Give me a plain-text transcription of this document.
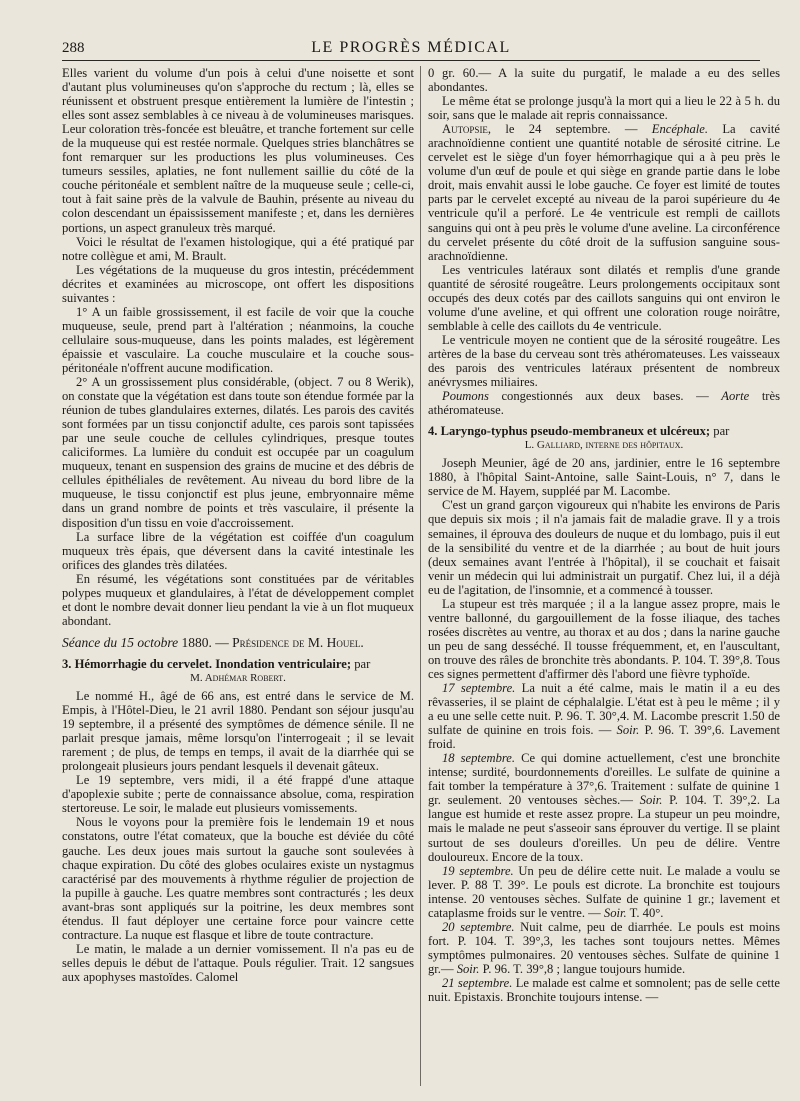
288	LE PROGRÈS MÉDICAL

Elles varient du volume d'un pois à celui d'une noisette et sont d'autant plus volumineuses qu'on s'approche du rectum ; là, elles se réunissent et obstruent presque entièrement la lumière de l'intestin ; elles sont assez semblables à ce niveau à de volumineuses marisques. Leur coloration très-foncée est bleuâtre, et tranche fortement sur celle de la muqueuse qui est restée normale. Quelques stries blanchâtres se font remarquer sur les productions les plus volumineuses. Ces tumeurs sessiles, aplaties, ne font nullement saillie du côté de la couche péritonéale et semblent naître de la muqueuse seule ; celle-ci, tout à fait saine près de la valvule de Bauhin, présente au niveau du colon descendant un épaississement manifeste ; et, dans les dernières portions, un aspect granuleux très marqué.

Voici le résultat de l'examen histologique, qui a été pratiqué par notre collègue et ami, M. Brault.

Les végétations de la muqueuse du gros intestin, précédemment décrites et examinées au microscope, ont offert les dispositions suivantes :

1° A un faible grossissement, il est facile de voir que la couche muqueuse, seule, prend part à l'altération ; néanmoins, la couche cellulaire sous-muqueuse, dans les points malades, est légèrement épaissie et vasculaire. La couche musculaire et la couche sous-péritonéale n'offrent aucune modification.

2° A un grossissement plus considérable, (object. 7 ou 8 Werik), on constate que la végétation est dans toute son étendue formée par la réunion de tubes glandulaires externes, dilatés. Les parois des cavités sont formées par un tissu conjonctif adulte, ces parois sont tapissées par une seule couche de cellules cylindriques, presque toutes caliciformes. La lumière du conduit est occupée par un coagulum muqueux, tenant en suspension des grains de mucine et des débris de cellules épithéliales de revêtement. Au niveau du bord libre de la muqueuse, le tissu conjonctif est plus jeune, embryonnaire même dans un grand nombre de points et très vasculaire, il présente la disposition d'un tissu en voie d'accroissement.

La surface libre de la végétation est coiffée d'un coagulum muqueux très épais, que déversent dans la cavité intestinale les orifices des glandes très dilatées.

En résumé, les végétations sont constituées par de véritables polypes muqueux et glandulaires, à l'état de développement complet et dont le nombre devait donner lieu pendant la vie à un flot muqueux abondant.

Séance du 15 octobre 1880. — Présidence de M. Houel.

3. Hémorrhagie du cervelet. Inondation ventriculaire; par
M. Adhémar Robert.

Le nommé H., âgé de 66 ans, est entré dans le service de M. Empis, à l'Hôtel-Dieu, le 21 avril 1880. Pendant son séjour jusqu'au 19 septembre, il a présenté des symptômes de démence sénile. Il ne parlait presque jamais, même lorsqu'on l'interrogeait ; il se levait rarement ; de plus, de temps en temps, il avait de la diarrhée qui se prolongeait plusieurs jours pendant lesquels il devenait gâteux.

Le 19 septembre, vers midi, il a été frappé d'une attaque d'apoplexie subite ; perte de connaissance absolue, coma, respiration stertoreuse. Le soir, le malade eut plusieurs vomissements.

Nous le voyons pour la première fois le lendemain 19 et nous constatons, outre l'état comateux, que la bouche est déviée du côté gauche. Les deux joues mais surtout la gauche sont soulevées à chaque expiration. Du côté des globes oculaires existe un nystagmus caractérisé par des mouvements à rhythme régulier de projection de la pupille à gauche. Les quatre membres sont contracturés ; les deux avant-bras sont appliqués sur la poitrine, les deux membres sont étendus. Il faut déployer une certaine force pour vaincre cette contracture. La nuque est flasque et libre de toute contracture.

Le matin, le malade a un dernier vomissement. Il n'a pas eu de selles depuis le début de l'attaque. Pouls régulier. Trait. 12 sangsues aux apophyses mastoïdes. Calomel

0 gr. 60.— A la suite du purgatif, le malade a eu des selles abondantes.

Le même état se prolonge jusqu'à la mort qui a lieu le 22 à 5 h. du soir, sans que le malade ait repris connaissance.

Autopsie, le 24 septembre. — Encéphale. La cavité arachnoïdienne contient une quantité notable de sérosité citrine. Le cervelet est le siège d'un foyer hémorrhagique qui a à peu près le volume d'un œuf de poule et qui siège en grande partie dans le lobe droit, mais envahit aussi le lobe gauche. Ce foyer est limité de toutes parts par le cervelet excepté au niveau de la paroi supérieure du 4e ventricule qu'il a perforé. Le 4e ventricule est rempli de caillots sanguins qui ont à peu près le volume d'une aveline. La circonférence du cervelet présente du côté droit de la suffusion sanguine sous-arachnoïdienne.

Les ventricules latéraux sont dilatés et remplis d'une grande quantité de sérosité rougeâtre. Leurs prolongements occipitaux sont occupés des deux cotés par des caillots sanguins qui ont environ le volume d'une aveline, et qui offrent une coloration rouge noirâtre, semblable à celle des caillots du 4e ventricule.

Le ventricule moyen ne contient que de la sérosité rougeâtre. Les artères de la base du cerveau sont très athéromateuses. Les vaisseaux des parois des ventricules latéraux présentent de nombreux anévrysmes miliaires.

Poumons congestionnés aux deux bases. — Aorte très athéromateuse.

4. Laryngo-typhus pseudo-membraneux et ulcéreux; par
L. Galliard, interne des hôpitaux.

Joseph Meunier, âgé de 20 ans, jardinier, entre le 16 septembre 1880, à l'hôpital Saint-Antoine, salle Saint-Louis, n° 7, dans le service de M. Hayem, suppléé par M. Lacombe.

C'est un grand garçon vigoureux qui n'habite les environs de Paris que depuis six mois ; il n'a jamais fait de maladie grave. Il y a trois semaines, il éprouva des douleurs de nuque et du lombago, puis il eut de la sensibilité du ventre et de la diarrhée ; au bout de huit jours (deux semaines avant l'entrée à l'hôpital), il se couchait et faisait venir un médecin qui lui administrait un purgatif. Chez lui, il a déjà eu de l'agitation, de l'insomnie, et a commencé à tousser.

La stupeur est très marquée ; il a la langue assez propre, mais le ventre ballonné, du gargouillement de la fosse iliaque, des taches rosées discrètes au ventre, au thorax et au dos ; dans la narine gauche un peu de sang desséché. Il tousse fréquemment, et, en l'auscultant, on trouve des râles de bronchite très abondants. P. 104. T. 39°,8. Tous ces signes permettent d'affirmer dès l'abord une fièvre typhoïde.

17 septembre. La nuit a été calme, mais le matin il a eu des rêvasseries, il se plaint de céphalalgie. L'état est à peu le même ; il y a eu une selle cette nuit. P. 96. T. 30°,4. M. Lacombe prescrit 1.50 de sulfate de quinine en trois fois. — Soir. P. 96. T. 39°,6. Lavement froid.

18 septembre. Ce qui domine actuellement, c'est une bronchite intense; surdité, bourdonnements d'oreilles. Le sulfate de quinine a fait tomber la température à 37°,6. Traitement : sulfate de quinine 1 gr. seulement. 20 ventouses sèches.— Soir. P. 104. T. 39°,2. La langue est humide et reste assez propre. La stupeur un peu moindre, mais le malade ne peut s'asseoir sans éprouver du vertige. Il se plaint surtout de ses douleurs d'oreilles. Un peu de délire. Ventre douloureux. Encore de la toux.

19 septembre. Un peu de délire cette nuit. Le malade a voulu se lever. P. 88 T. 39°. Le pouls est dicrote. La bronchite est toujours intense. 20 ventouses sèches. Sulfate de quinine 1 gr.; lavement et cataplasme froids sur le ventre. — Soir. T. 40°.

20 septembre. Nuit calme, peu de diarrhée. Le pouls est moins fort. P. 104. T. 39°,3, les taches sont toujours nettes. Mêmes symptômes pulmonaires. 20 ventouses sèches. Sulfate de quinine 1 gr.— Soir. P. 96. T. 39°,8 ; langue toujours humide.

21 septembre. Le malade est calme et somnolent; pas de selle cette nuit. Epistaxis. Bronchite toujours intense. —
